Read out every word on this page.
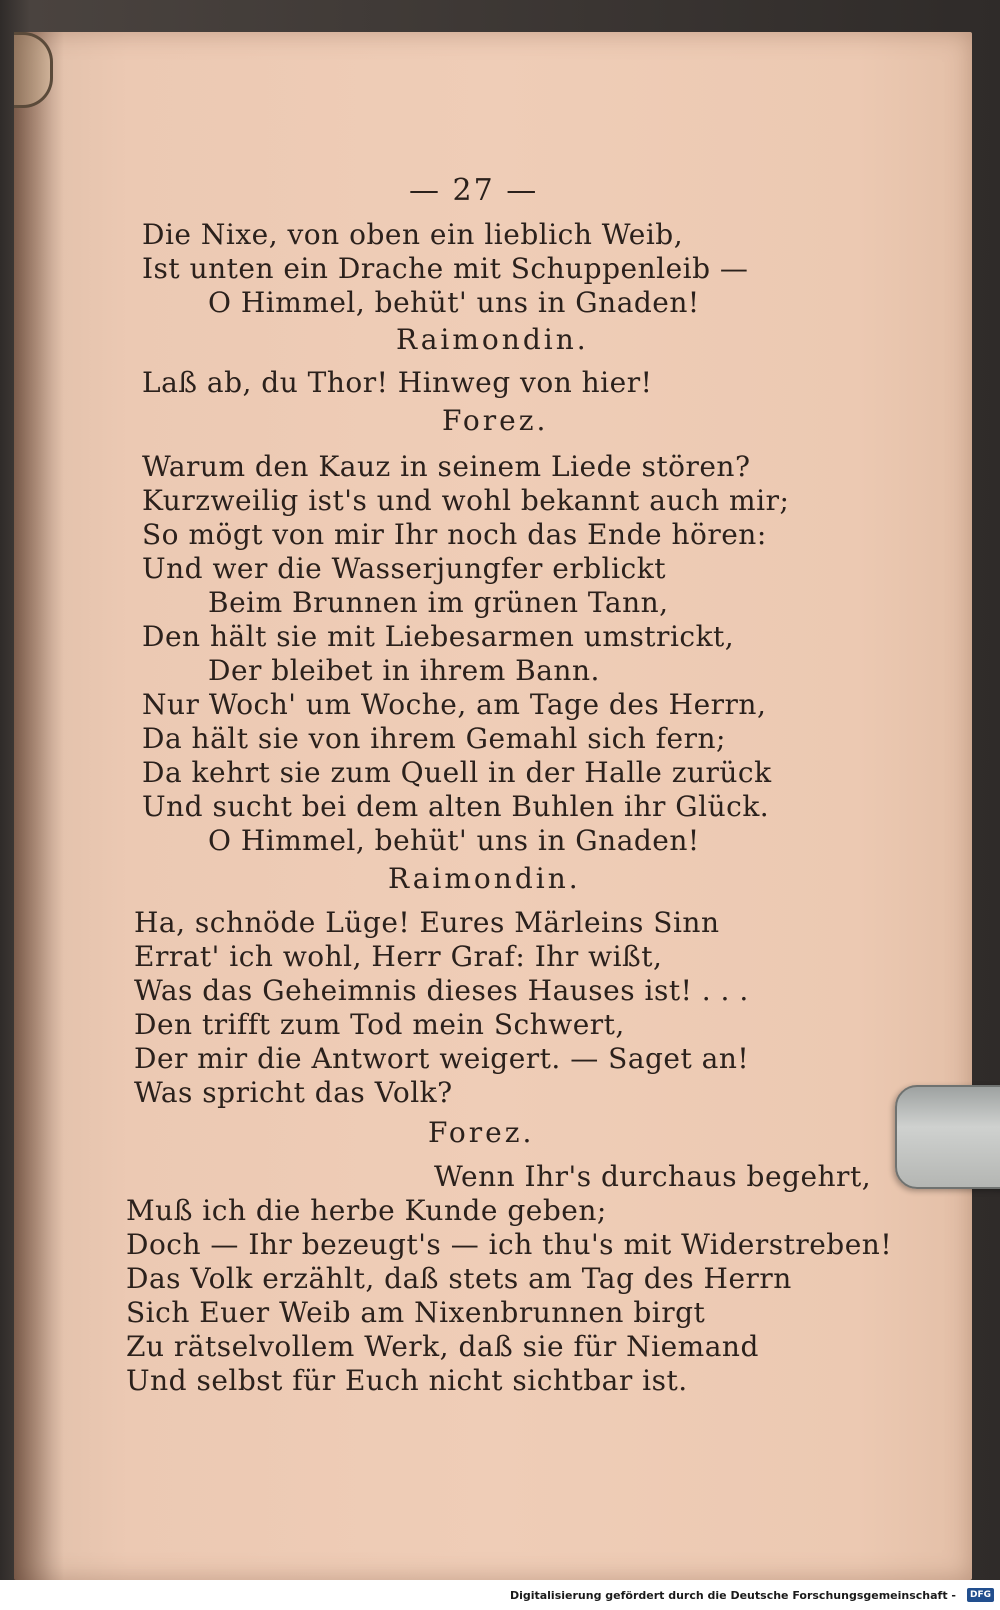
— 27 —
Die Nixe, von oben ein lieblich Weib,
Ist unten ein Drache mit Schuppenleib —
O Himmel, behüt' uns in Gnaden!
Raimondin.
Laß ab, du Thor! Hinweg von hier!
Forez.
Warum den Kauz in seinem Liede stören?
Kurzweilig ist's und wohl bekannt auch mir;
So mögt von mir Ihr noch das Ende hören:
Und wer die Wasserjungfer erblickt
Beim Brunnen im grünen Tann,
Den hält sie mit Liebesarmen umstrickt,
Der bleibet in ihrem Bann.
Nur Woch' um Woche, am Tage des Herrn,
Da hält sie von ihrem Gemahl sich fern;
Da kehrt sie zum Quell in der Halle zurück
Und sucht bei dem alten Buhlen ihr Glück.
O Himmel, behüt' uns in Gnaden!
Raimondin.
Ha, schnöde Lüge! Eures Märleins Sinn
Errat' ich wohl, Herr Graf: Ihr wißt,
Was das Geheimnis dieses Hauses ist! . . .
Den trifft zum Tod mein Schwert,
Der mir die Antwort weigert. — Saget an!
Was spricht das Volk?
Forez.
Wenn Ihr's durchaus begehrt,
Muß ich die herbe Kunde geben;
Doch — Ihr bezeugt's — ich thu's mit Widerstreben!
Das Volk erzählt, daß stets am Tag des Herrn
Sich Euer Weib am Nixenbrunnen birgt
Zu rätselvollem Werk, daß sie für Niemand
Und selbst für Euch nicht sichtbar ist.
Digitalisierung gefördert durch die Deutsche Forschungsgemeinschaft -	DFG
